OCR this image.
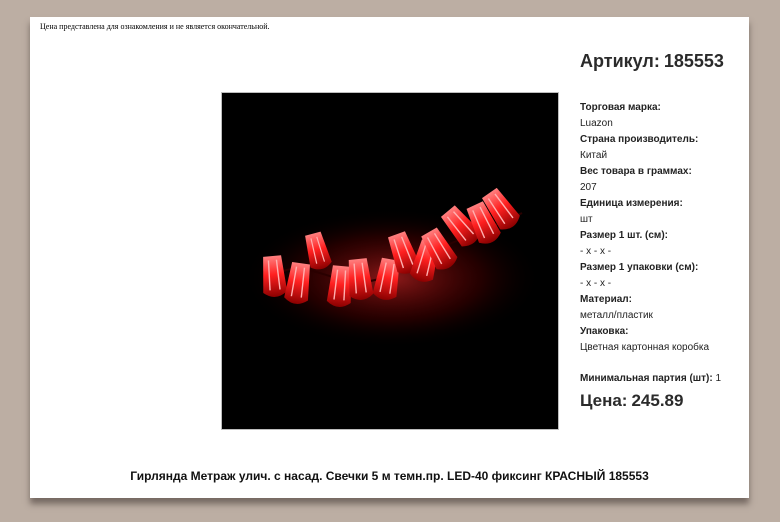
Цена представлена для ознакомления и не является окончательной.
Артикул: 185553
Торговая марка:
Luazon
Страна производитель:
Китай
Вес товара в граммах:
207
Единица измерения:
шт
Размер 1 шт. (см):
- х - х -
Размер 1 упаковки (см):
- х - х -
Материал:
металл/пластик
Упаковка:
Цветная картонная коробка
Минимальная партия (шт): 1
Цена: 245.89
Гирлянда Метраж улич. с насад. Свечки 5 м темн.пр. LED-40 фиксинг КРАСНЫЙ 185553
